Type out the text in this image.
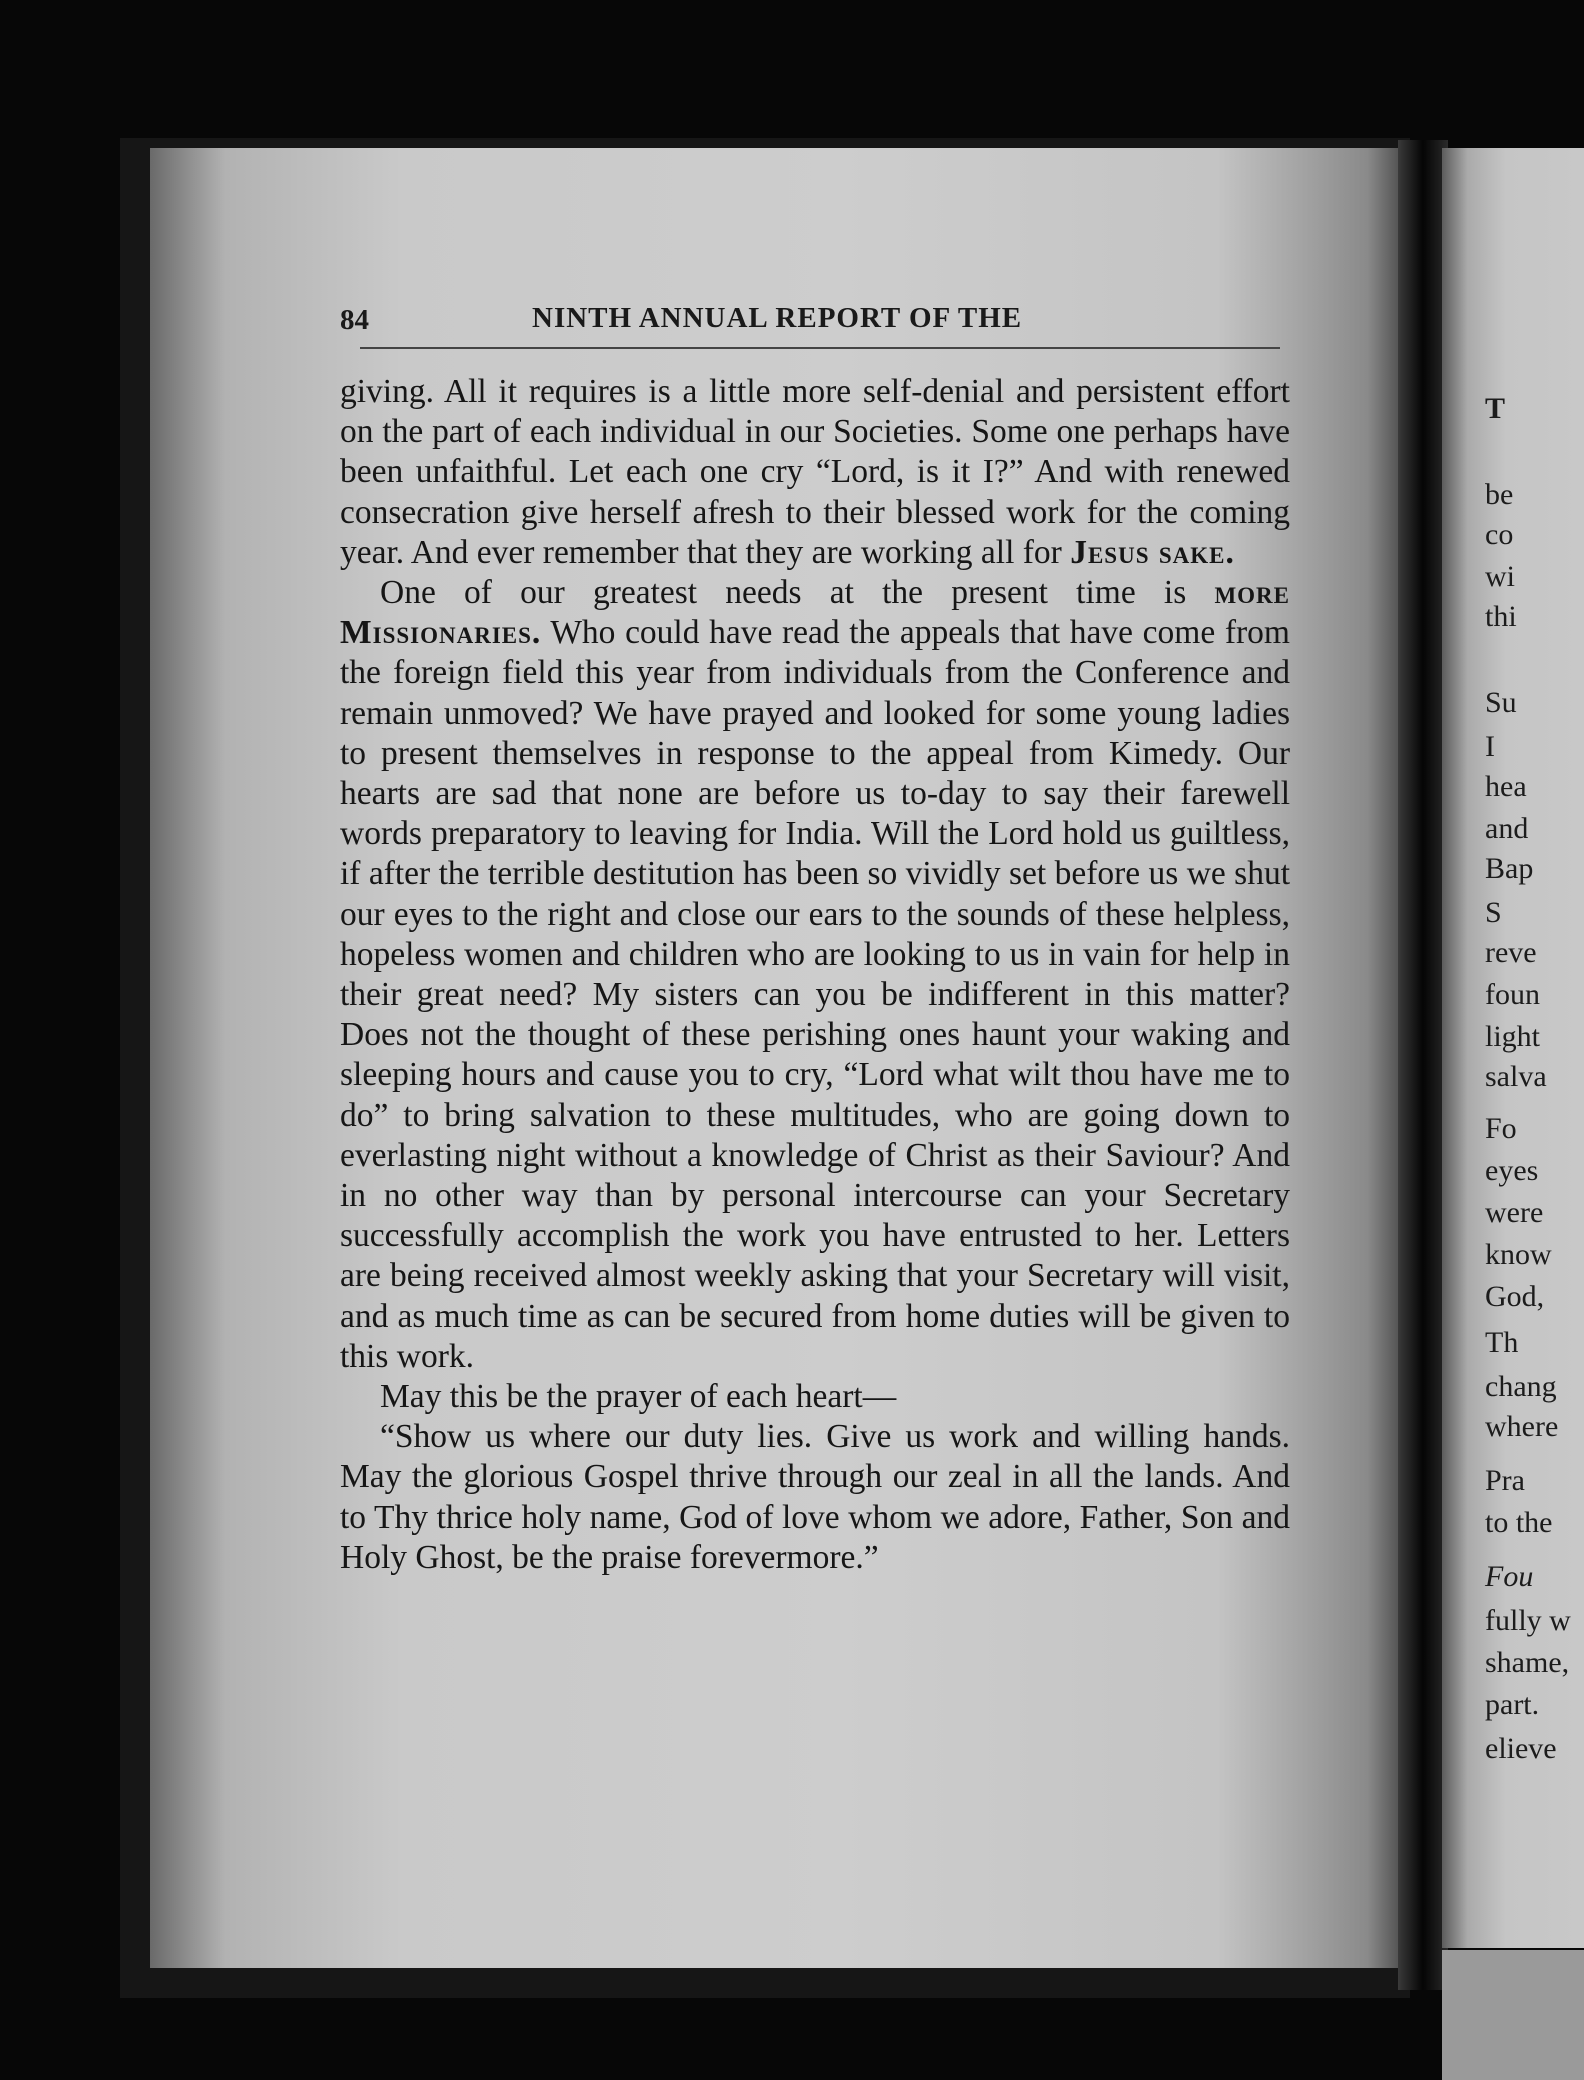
84	NINTH ANNUAL REPORT OF THE

giving. All it requires is a little more self-denial and persistent effort on the part of each individual in our Societies. Some one perhaps have been unfaithful. Let each one cry “Lord, is it I?” And with renewed consecration give herself afresh to their blessed work for the coming year. And ever remember that they are working all for Jesus sake.

One of our greatest needs at the present time is more Missionaries. Who could have read the appeals that have come from the foreign field this year from individuals from the Conference and remain unmoved? We have prayed and looked for some young ladies to present themselves in response to the appeal from Kimedy. Our hearts are sad that none are before us to-day to say their farewell words preparatory to leaving for India. Will the Lord hold us guiltless, if after the terrible destitution has been so vividly set before us we shut our eyes to the right and close our ears to the sounds of these helpless, hopeless women and children who are looking to us in vain for help in their great need? My sisters can you be indifferent in this matter? Does not the thought of these perishing ones haunt your waking and sleeping hours and cause you to cry, “Lord what wilt thou have me to do” to bring salvation to these multitudes, who are going down to everlasting night without a knowledge of Christ as their Saviour? And in no other way than by personal intercourse can your Secretary successfully accomplish the work you have entrusted to her. Letters are being received almost weekly asking that your Secretary will visit, and as much time as can be secured from home duties will be given to this work.

May this be the prayer of each heart—

“Show us where our duty lies. Give us work and willing hands. May the glorious Gospel thrive through our zeal in all the lands. And to Thy thrice holy name, God of love whom we adore, Father, Son and Holy Ghost, be the praise forevermore.”

T
be
co
wi
thi
Su
I
hea
and
Bap
S
reve
foun
light
salva
Fo
eyes
were
know
God,
Th
chang
where
Pra
to the
Fou
fully w
shame,
part.
elieve
